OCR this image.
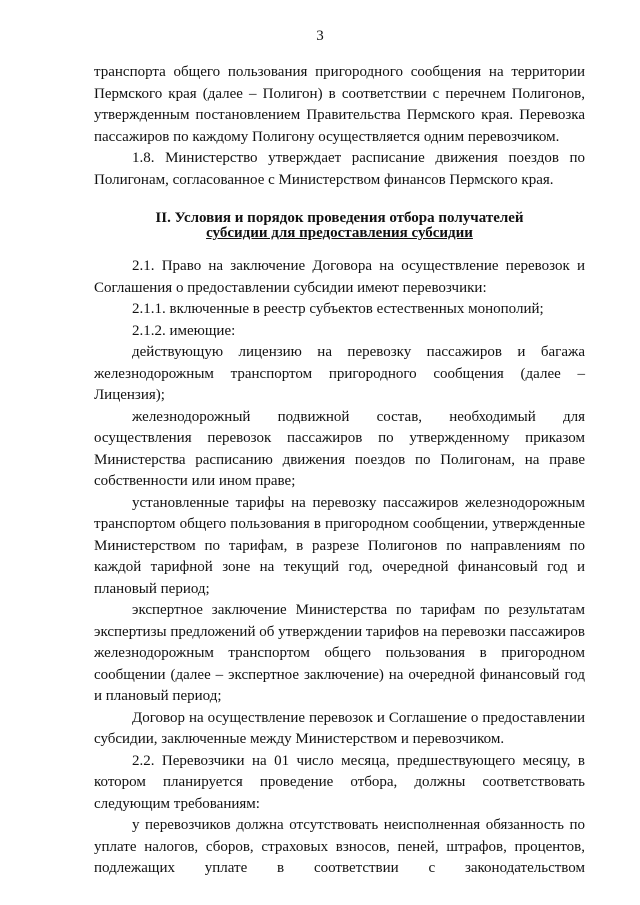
3

транспорта общего пользования пригородного сообщения на территории Пермского края (далее – Полигон) в соответствии с перечнем Полигонов, утвержденным постановлением Правительства Пермского края. Перевозка пассажиров по каждому Полигону осуществляется одним перевозчиком.

1.8. Министерство утверждает расписание движения поездов по Полигонам, согласованное с Министерством финансов Пермского края.

II. Условия и порядок проведения отбора получателей

субсидии для предоставления субсидии

2.1. Право на заключение Договора на осуществление перевозок и Соглашения о предоставлении субсидии имеют перевозчики:

2.1.1. включенные в реестр субъектов естественных монополий;

2.1.2. имеющие:

действующую лицензию на перевозку пассажиров и багажа железнодорожным транспортом пригородного сообщения (далее – Лицензия);

железнодорожный подвижной состав, необходимый для осуществления перевозок пассажиров по утвержденному приказом Министерства расписанию движения поездов по Полигонам, на праве собственности или ином праве;

установленные тарифы на перевозку пассажиров железнодорожным транспортом общего пользования в пригородном сообщении, утвержденные Министерством по тарифам, в разрезе Полигонов по направлениям по каждой тарифной зоне на текущий год, очередной финансовый год и плановый период;

экспертное заключение Министерства по тарифам по результатам экспертизы предложений об утверждении тарифов на перевозки пассажиров железнодорожным транспортом общего пользования в пригородном сообщении (далее – экспертное заключение) на очередной финансовый год и плановый период;

Договор на осуществление перевозок и Соглашение о предоставлении субсидии, заключенные между Министерством и перевозчиком.

2.2. Перевозчики на 01 число месяца, предшествующего месяцу, в котором планируется проведение отбора, должны соответствовать следующим требованиям:

у перевозчиков должна отсутствовать неисполненная обязанность по уплате налогов, сборов, страховых взносов, пеней, штрафов, процентов, подлежащих уплате в соответствии с законодательством
